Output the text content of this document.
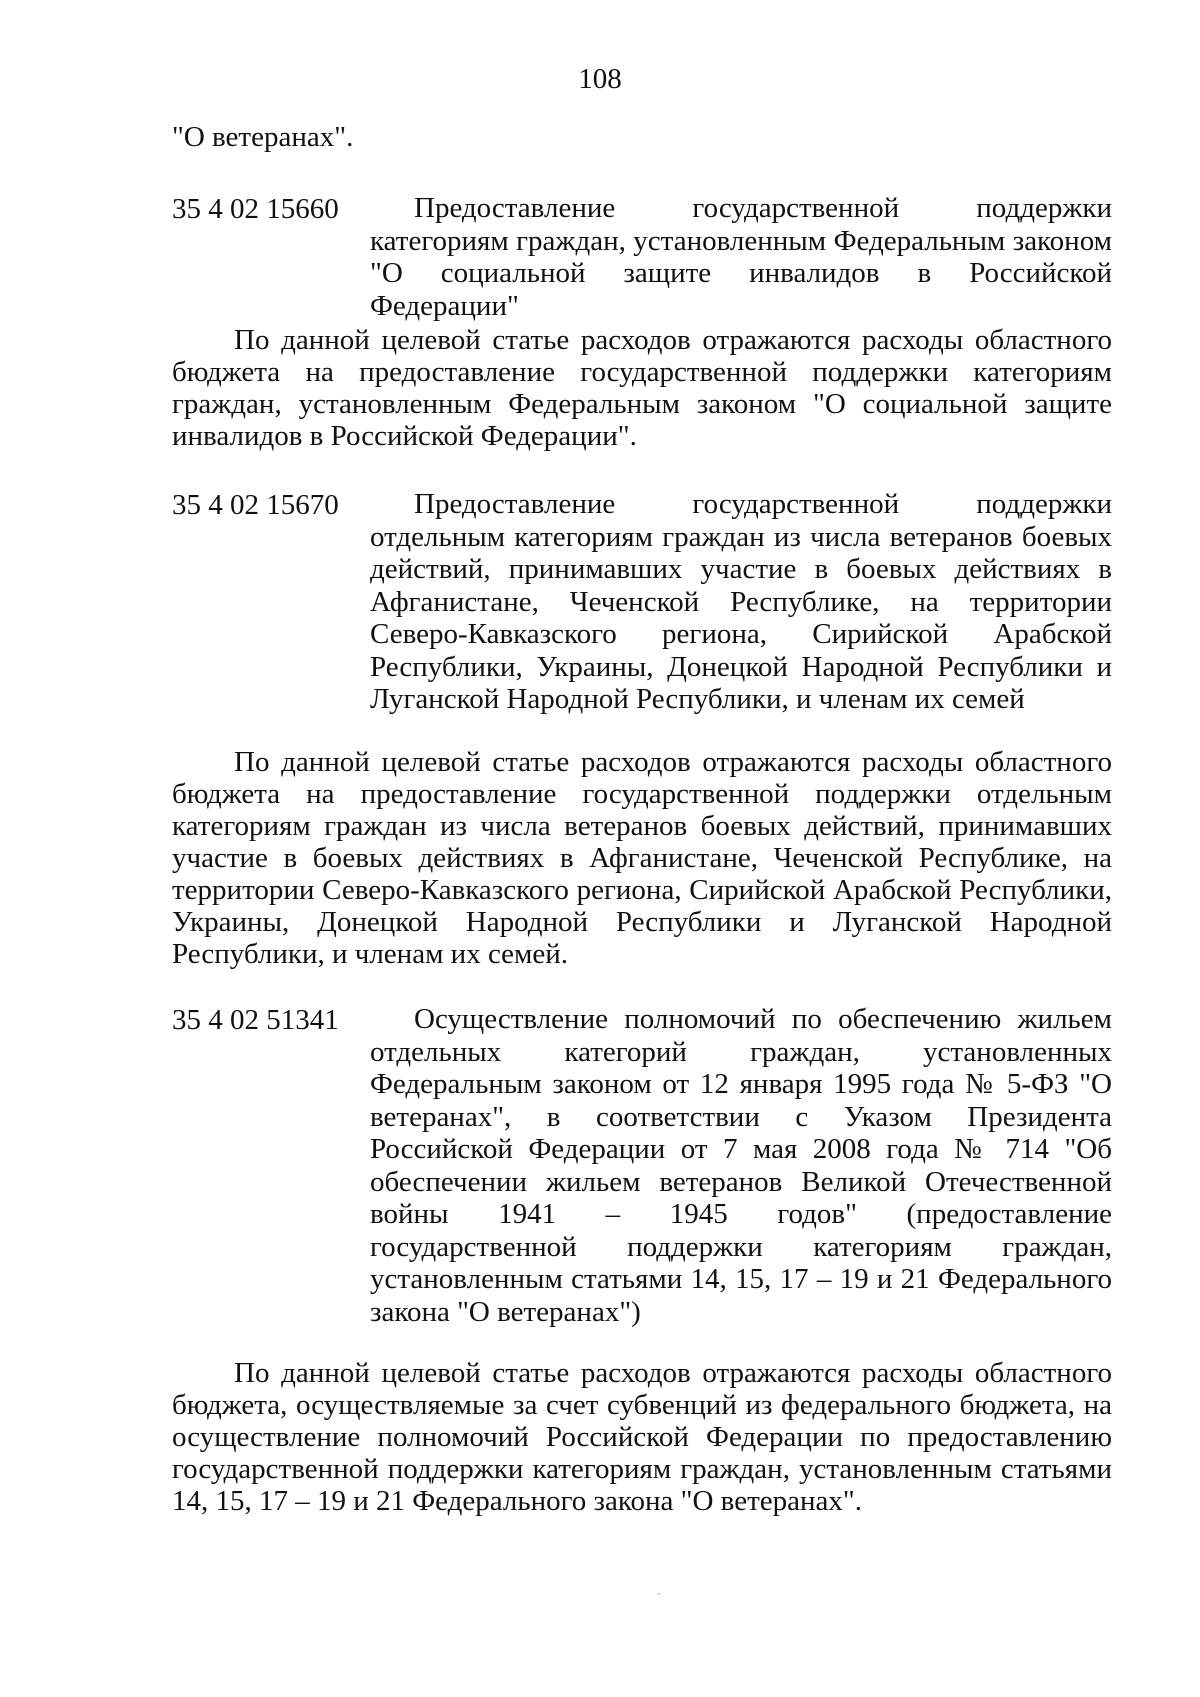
108
"О ветеранах".
35 4 02 15660	Предоставление государственной поддержки категориям граждан, установленным Федеральным законом "О социальной защите инвалидов в Российской Федерации"
По данной целевой статье расходов отражаются расходы областного бюджета на предоставление государственной поддержки категориям граждан, установленным Федеральным законом "О социальной защите инвалидов в Российской Федерации".
35 4 02 15670	Предоставление государственной поддержки отдельным категориям граждан из числа ветеранов боевых действий, принимавших участие в боевых действиях в Афганистане, Чеченской Республике, на территории Северо-Кавказского региона, Сирийской Арабской Республики, Украины, Донецкой Народной Республики и Луганской Народной Республики, и членам их семей
По данной целевой статье расходов отражаются расходы областного бюджета на предоставление государственной поддержки отдельным категориям граждан из числа ветеранов боевых действий, принимавших участие в боевых действиях в Афганистане, Чеченской Республике, на территории Северо-Кавказского региона, Сирийской Арабской Республики, Украины, Донецкой Народной Республики и Луганской Народной Республики, и членам их семей.
35 4 02 51341	Осуществление полномочий по обеспечению жильем отдельных категорий граждан, установленных Федеральным законом от 12 января 1995 года № 5-ФЗ "О ветеранах", в соответствии с Указом Президента Российской Федерации от 7 мая 2008 года № 714 "Об обеспечении жильем ветеранов Великой Отечественной войны 1941 – 1945 годов" (предоставление государственной поддержки категориям граждан, установленным статьями 14, 15, 17 – 19 и 21 Федерального закона "О ветеранах")
По данной целевой статье расходов отражаются расходы областного бюджета, осуществляемые за счет субвенций из федерального бюджета, на осуществление полномочий Российской Федерации по предоставлению государственной поддержки категориям граждан, установленным статьями 14, 15, 17 – 19 и 21 Федерального закона "О ветеранах".
